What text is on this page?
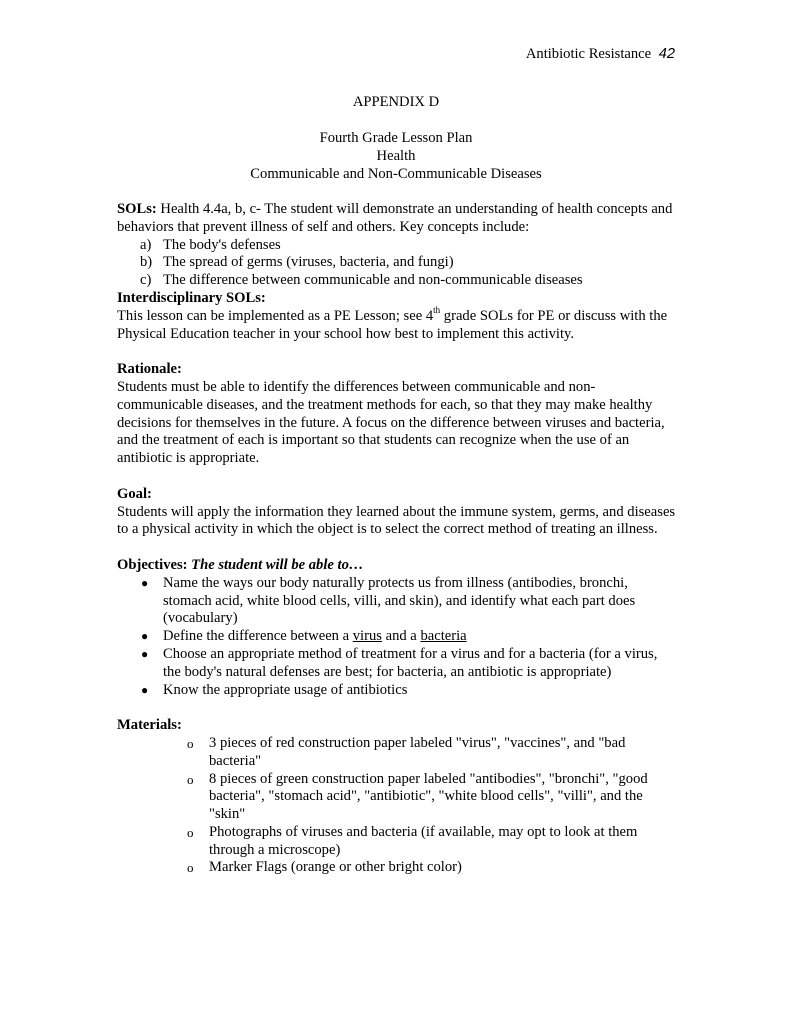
Antibiotic Resistance 42
APPENDIX D
Fourth Grade Lesson Plan
Health
Communicable and Non-Communicable Diseases

SOLs: Health 4.4a, b, c- The student will demonstrate an understanding of health concepts and behaviors that prevent illness of self and others. Key concepts include:

a) The body's defenses
b) The spread of germs (viruses, bacteria, and fungi)
c) The difference between communicable and non-communicable diseases

Interdisciplinary SOLs:

This lesson can be implemented as a PE Lesson; see 4th grade SOLs for PE or discuss with the Physical Education teacher in your school how best to implement this activity.

Rationale:

Students must be able to identify the differences between communicable and non-communicable diseases, and the treatment methods for each, so that they may make healthy decisions for themselves in the future. A focus on the difference between viruses and bacteria, and the treatment of each is important so that students can recognize when the use of an antibiotic is appropriate.

Goal:

Students will apply the information they learned about the immune system, germs, and diseases to a physical activity in which the object is to select the correct method of treating an illness.

Objectives: The student will be able to…

● Name the ways our body naturally protects us from illness (antibodies, bronchi, stomach acid, white blood cells, villi, and skin), and identify what each part does (vocabulary)
● Define the difference between a virus and a bacteria
● Choose an appropriate method of treatment for a virus and for a bacteria (for a virus, the body's natural defenses are best; for bacteria, an antibiotic is appropriate)
● Know the appropriate usage of antibiotics

Materials:

o 3 pieces of red construction paper labeled "virus", "vaccines", and "bad bacteria"
o 8 pieces of green construction paper labeled "antibodies", "bronchi", "good bacteria", "stomach acid", "antibiotic", "white blood cells", "villi", and the "skin"
o Photographs of viruses and bacteria (if available, may opt to look at them through a microscope)
o Marker Flags (orange or other bright color)
